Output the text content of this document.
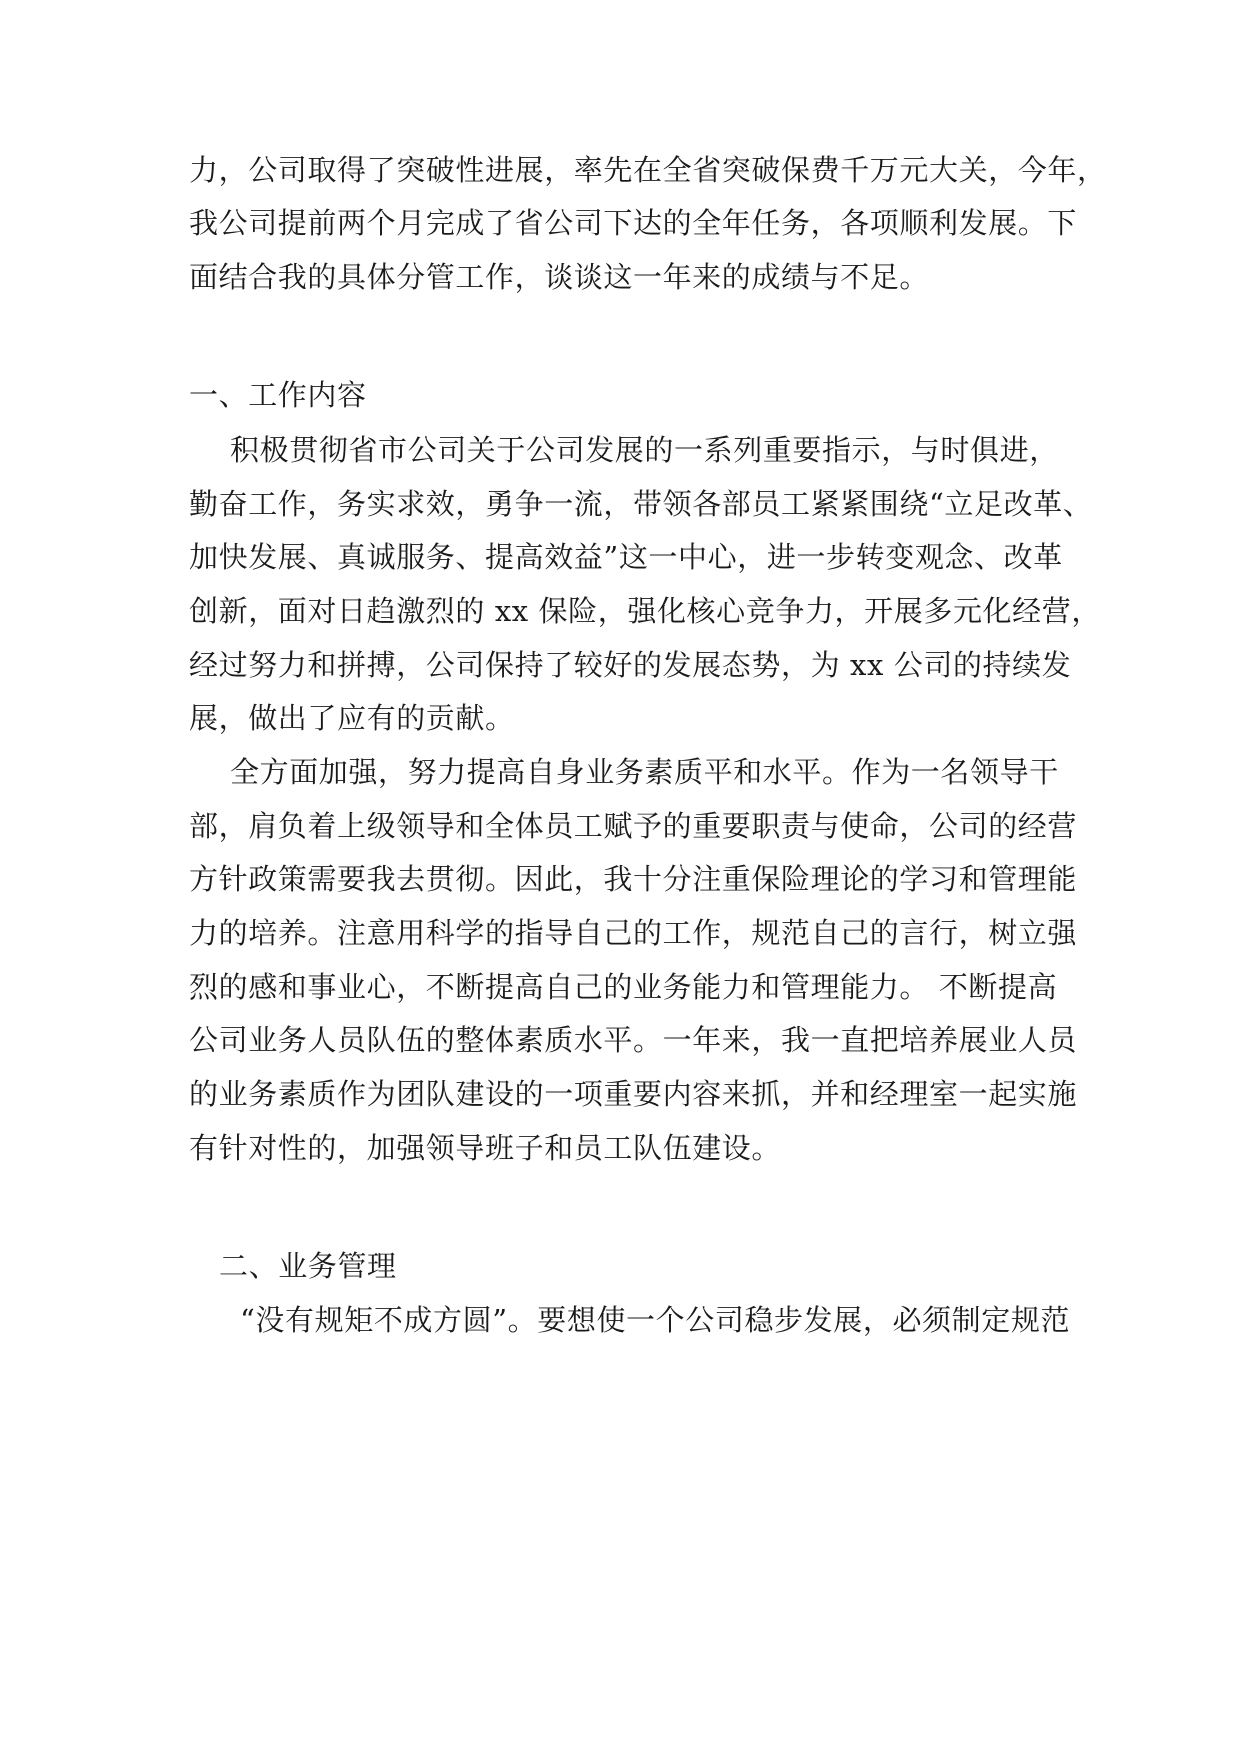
力，公司取得了突破性进展，率先在全省突破保费千万元大关，今年，
我公司提前两个月完成了省公司下达的全年任务，各项顺利发展。下
面结合我的具体分管工作，谈谈这一年来的成绩与不足。
一、工作内容
积极贯彻省市公司关于公司发展的一系列重要指示，与时俱进，
勤奋工作，务实求效，勇争一流，带领各部员工紧紧围绕“立足改革、
加快发展、真诚服务、提高效益”这一中心，进一步转变观念、改革
创新，面对日趋激烈的 xx 保险，强化核心竞争力，开展多元化经营，
经过努力和拼搏，公司保持了较好的发展态势，为 xx 公司的持续发
展，做出了应有的贡献。
全方面加强，努力提高自身业务素质平和水平。作为一名领导干
部，肩负着上级领导和全体员工赋予的重要职责与使命，公司的经营
方针政策需要我去贯彻。因此，我十分注重保险理论的学习和管理能
力的培养。注意用科学的指导自己的工作，规范自己的言行，树立强
烈的感和事业心，不断提高自己的业务能力和管理能力。 不断提高
公司业务人员队伍的整体素质水平。一年来，我一直把培养展业人员
的业务素质作为团队建设的一项重要内容来抓，并和经理室一起实施
有针对性的，加强领导班子和员工队伍建设。
二、业务管理
“没有规矩不成方圆”。要想使一个公司稳步发展，必须制定规范
